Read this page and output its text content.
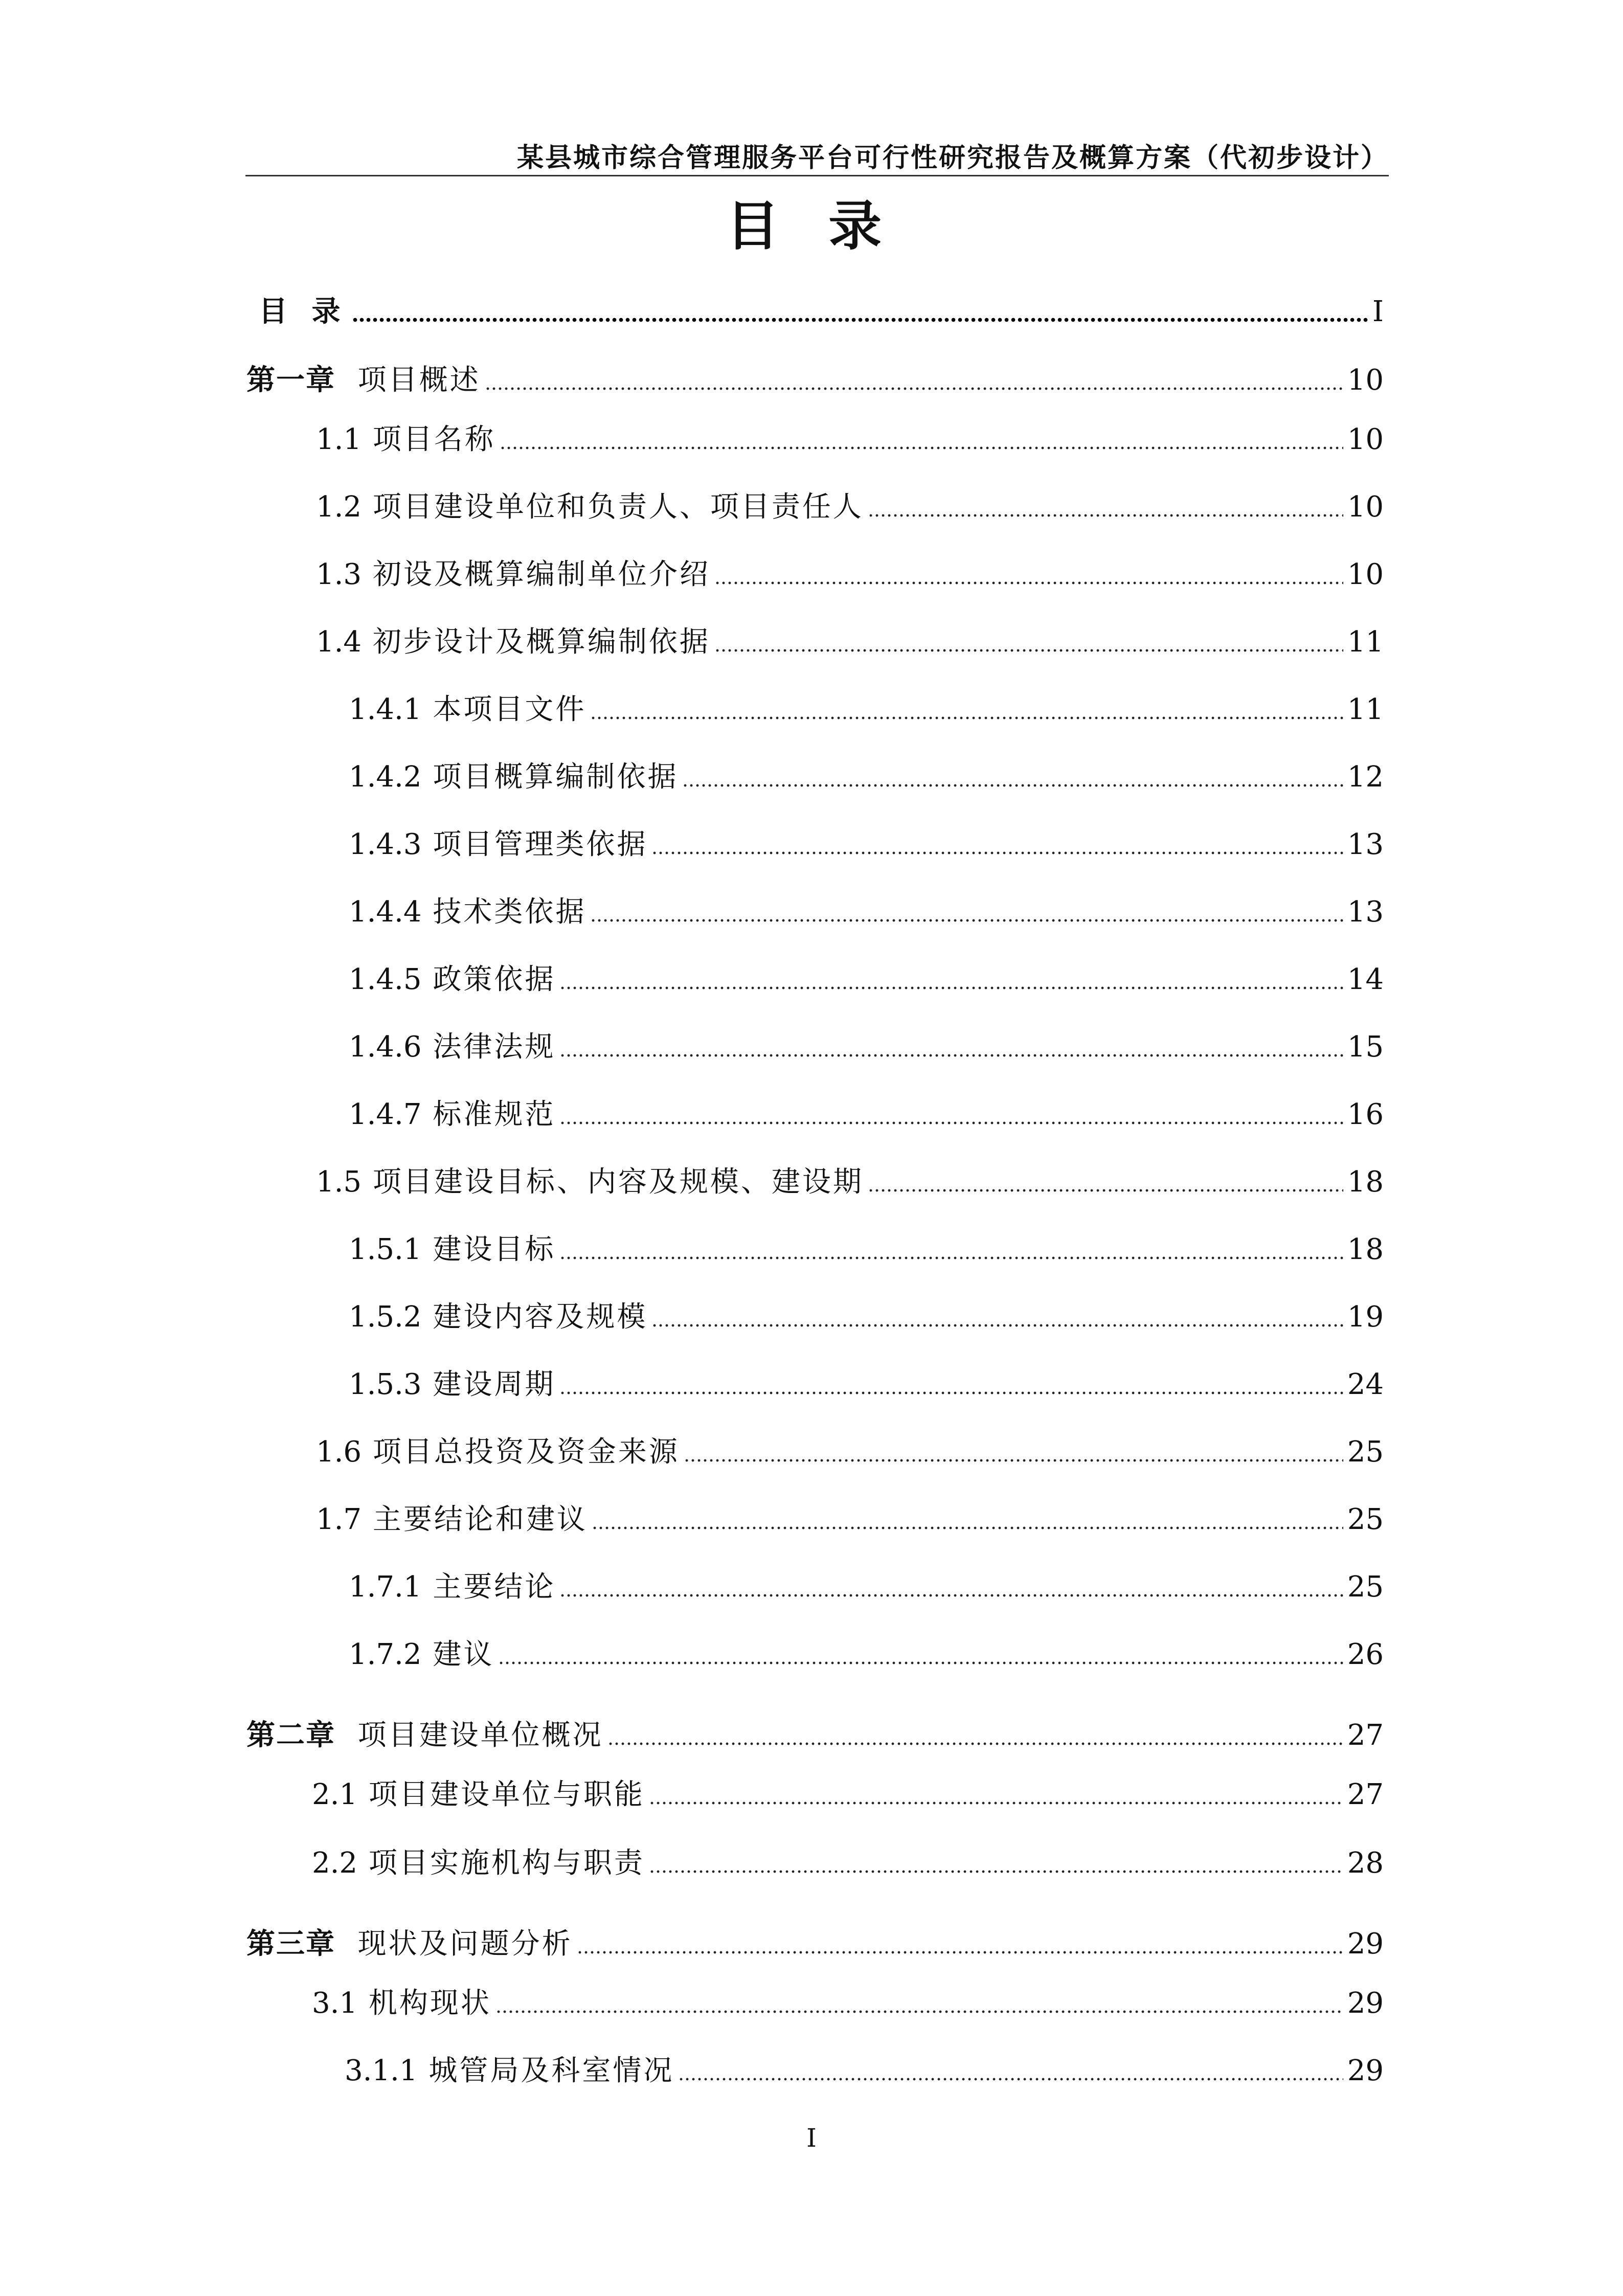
某县城市综合管理服务平台可行性研究报告及概算方案（代初步设计）
目 录
目 录	I
第一章 项目概述	10
1.1 项目名称	10
1.2 项目建设单位和负责人、项目责任人	10
1.3 初设及概算编制单位介绍	10
1.4 初步设计及概算编制依据	11
1.4.1 本项目文件	11
1.4.2 项目概算编制依据	12
1.4.3 项目管理类依据	13
1.4.4 技术类依据	13
1.4.5 政策依据	14
1.4.6 法律法规	15
1.4.7 标准规范	16
1.5 项目建设目标、内容及规模、建设期	18
1.5.1 建设目标	18
1.5.2 建设内容及规模	19
1.5.3 建设周期	24
1.6 项目总投资及资金来源	25
1.7 主要结论和建议	25
1.7.1 主要结论	25
1.7.2 建议	26
第二章 项目建设单位概况	27
2.1 项目建设单位与职能	27
2.2 项目实施机构与职责	28
第三章 现状及问题分析	29
3.1 机构现状	29
3.1.1 城管局及科室情况	29
I
